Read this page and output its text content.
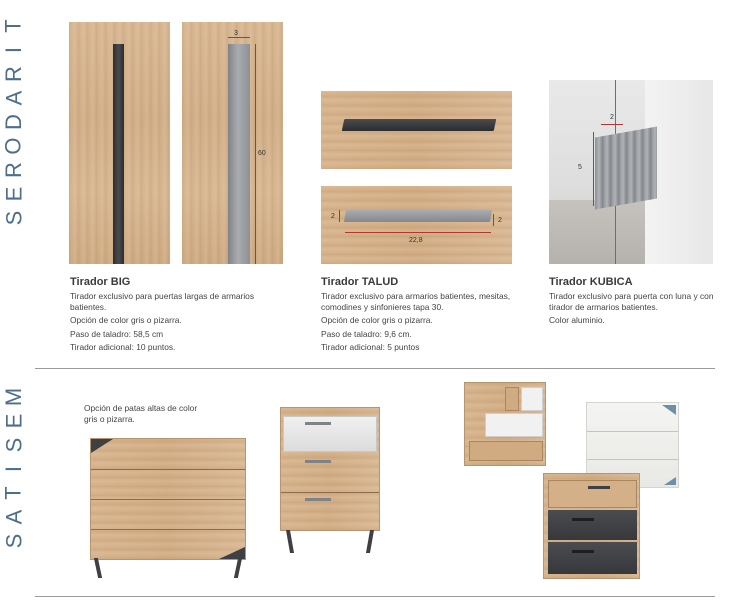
T
I
R
A
D
O
R
E
S
M
E
S
I
T
A
S
3
60
Tirador BIG

Tirador exclusivo para puertas largas de armarios batientes.

Opción de color gris o pizarra.

Paso de taladro: 58,5 cm

Tirador adicional: 10 puntos.

2
2
22,8
Tirador TALUD

Tirador exclusivo para armarios batientes, mesitas, comodines y sinfonieres tapa 30.

Opción de color gris o pizarra.

Paso de taladro: 9,6 cm.

Tirador adicional: 5 puntos

2
5
Tirador KUBICA

Tirador exclusivo para puerta con luna y con tirador de armarios batientes.

Color aluminio.

Opción de patas altas de color gris o pizarra.
